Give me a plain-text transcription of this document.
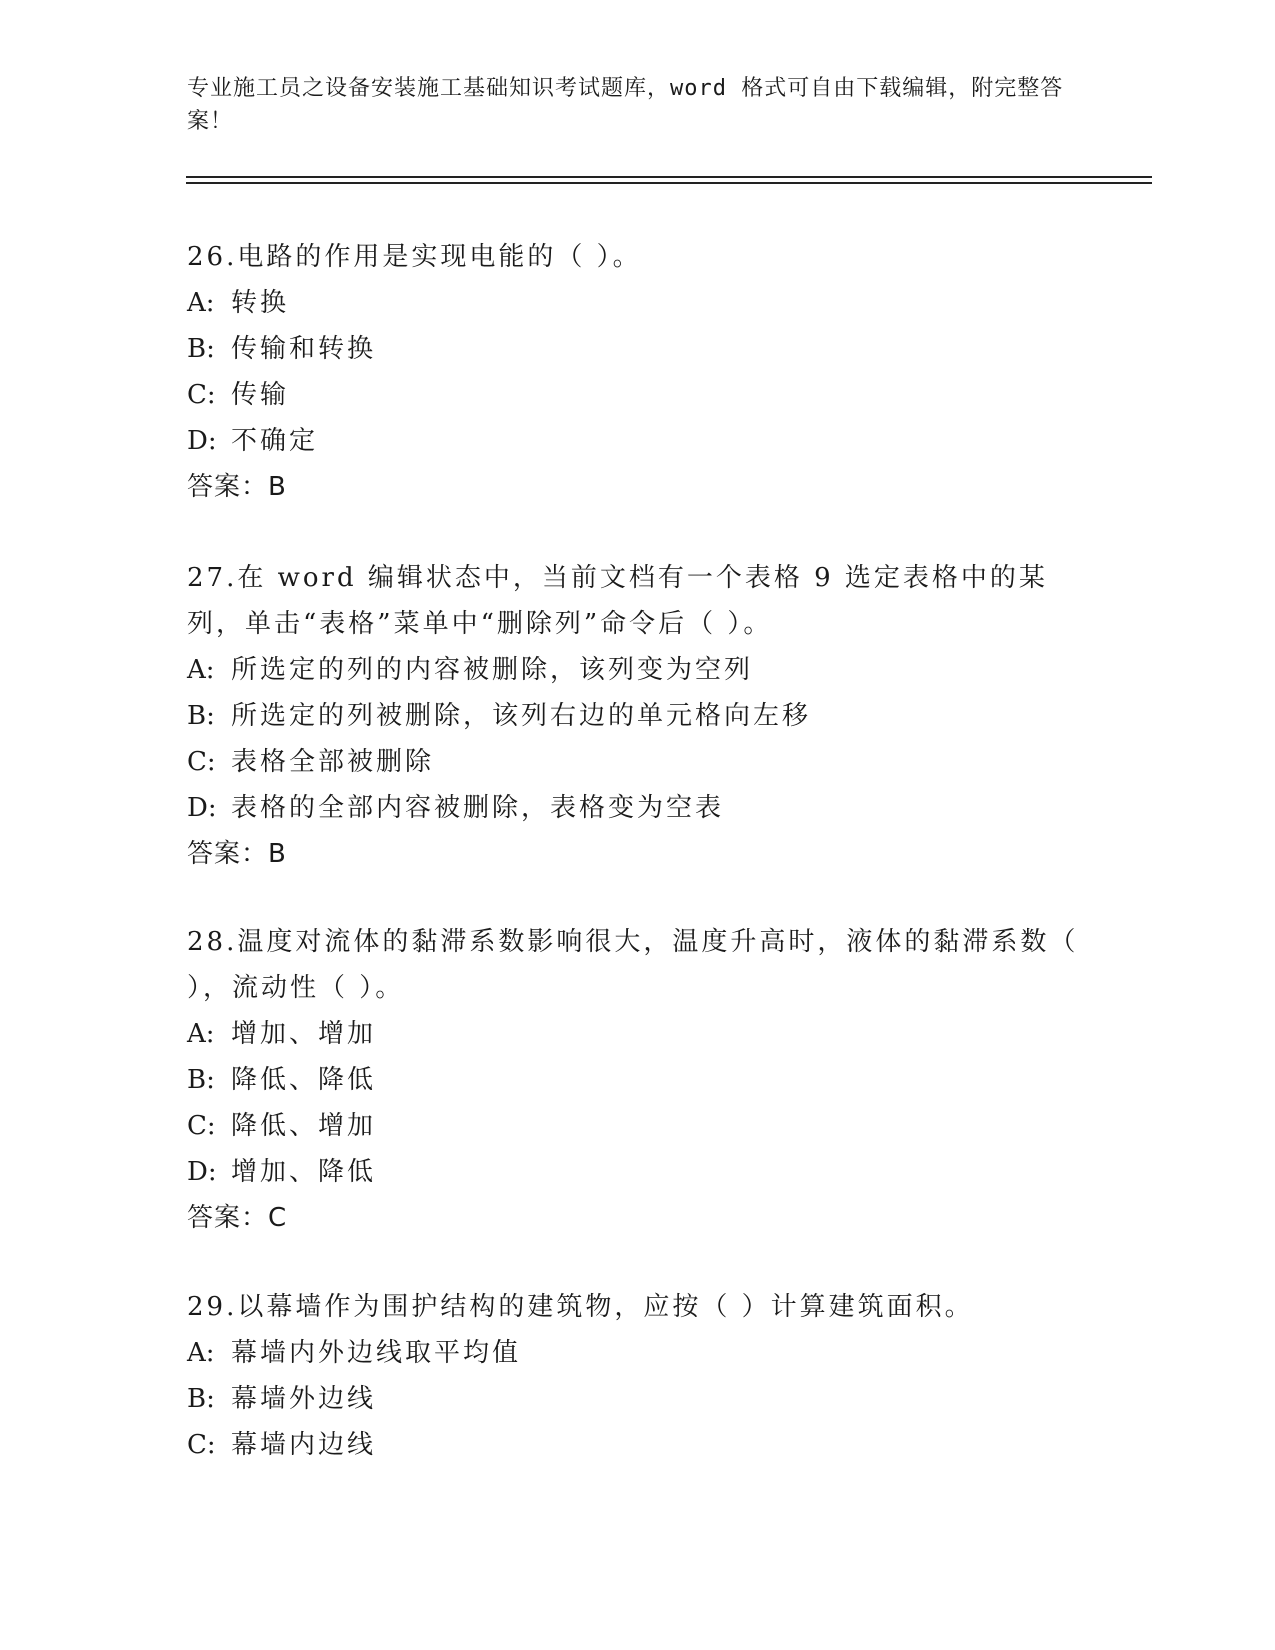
专业施工员之设备安装施工基础知识考试题库，word 格式可自由下载编辑，附完整答案！

26.电路的作用是实现电能的（ ）。

A: 转换
B: 传输和转换
C: 传输
D: 不确定
答案：B

27.在 word 编辑状态中，当前文档有一个表格 9 选定表格中的某列，单击“表格”菜单中“删除列”命令后（ ）。

A: 所选定的列的内容被删除，该列变为空列
B: 所选定的列被删除，该列右边的单元格向左移
C: 表格全部被删除
D: 表格的全部内容被删除，表格变为空表
答案：B

28.温度对流体的黏滞系数影响很大，温度升高时，液体的黏滞系数（ ），流动性（ ）。

A: 增加、增加
B: 降低、降低
C: 降低、增加
D: 增加、降低
答案：C

29.以幕墙作为围护结构的建筑物，应按（ ）计算建筑面积。

A: 幕墙内外边线取平均值
B: 幕墙外边线
C: 幕墙内边线
